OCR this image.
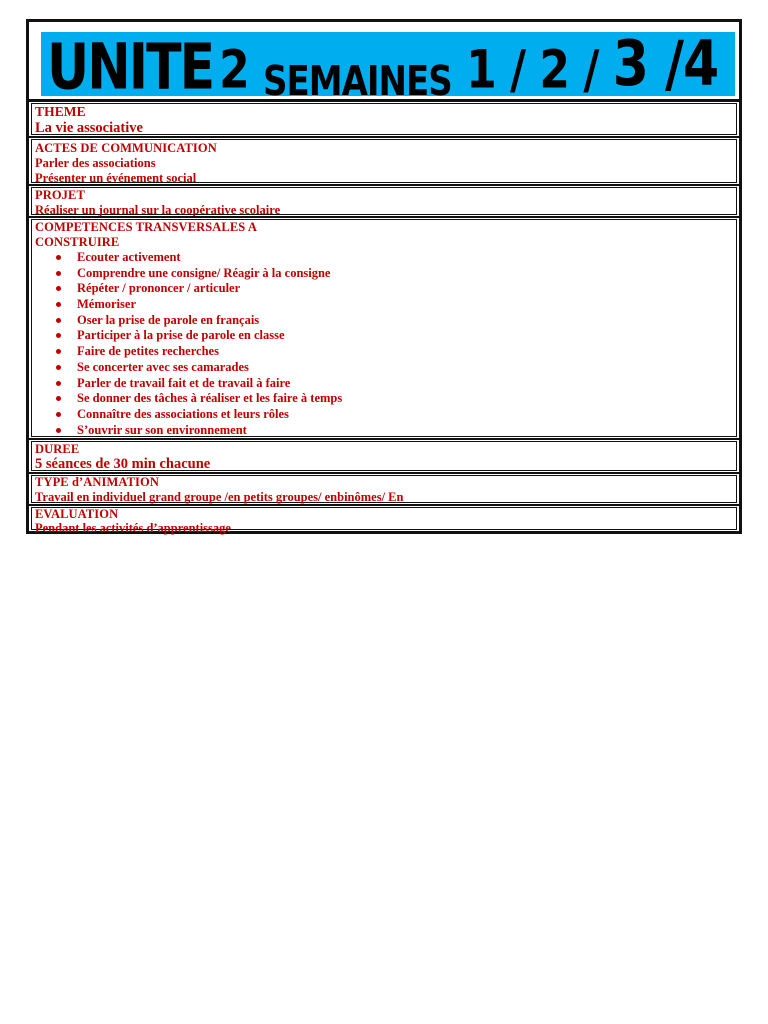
UNITE 2 SEMAINES 1 / 2 / 3 /4
THEME
La vie associative
ACTES DE COMMUNICATION
Parler des associations
Présenter un événement social
PROJET
Réaliser un journal sur la coopérative scolaire
COMPETENCES TRANSVERSALES A
CONSTRUIRE
Ecouter activement
Comprendre une consigne/ Réagir à la consigne
Répéter / prononcer / articuler
Mémoriser
Oser la prise de parole en français
Participer à la prise de parole en classe
Faire de petites recherches
Se concerter avec ses camarades
Parler de travail fait et de travail à faire
Se donner des tâches à réaliser et les faire à temps
Connaître des associations et leurs rôles
S’ouvrir sur son environnement
DUREE
5 séances de 30 min chacune
TYPE d’ANIMATION
Travail en individuel grand groupe /en petits groupes/ enbinômes/ En
EVALUATION
Pendant les activités d’apprentissage
